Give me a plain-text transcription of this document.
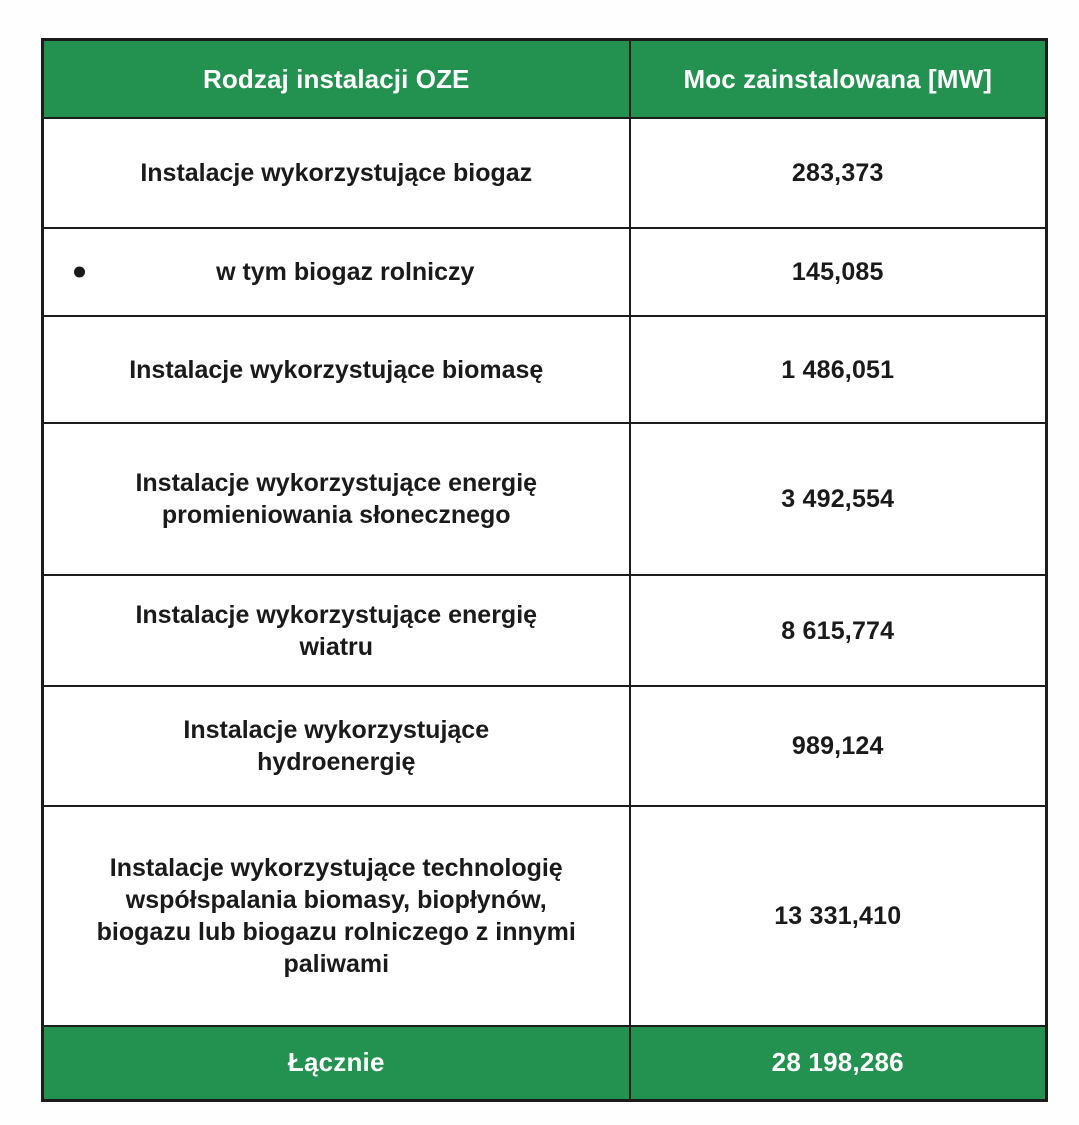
Rodzaj instalacji OZE	Moc zainstalowana [MW]
Instalacje wykorzystujące biogaz	283,373

w tym biogaz rolniczy	145,085
Instalacje wykorzystujące biomasę	1 486,051
Instalacje wykorzystujące energię
promieniowania słonecznego	3 492,554
Instalacje wykorzystujące energię
wiatru	8 615,774
Instalacje wykorzystujące
hydroenergię	989,124
Instalacje wykorzystujące technologię
współspalania biomasy, biopłynów,
biogazu lub biogazu rolniczego z innymi
paliwami	13 331,410
Łącznie	28 198,286
